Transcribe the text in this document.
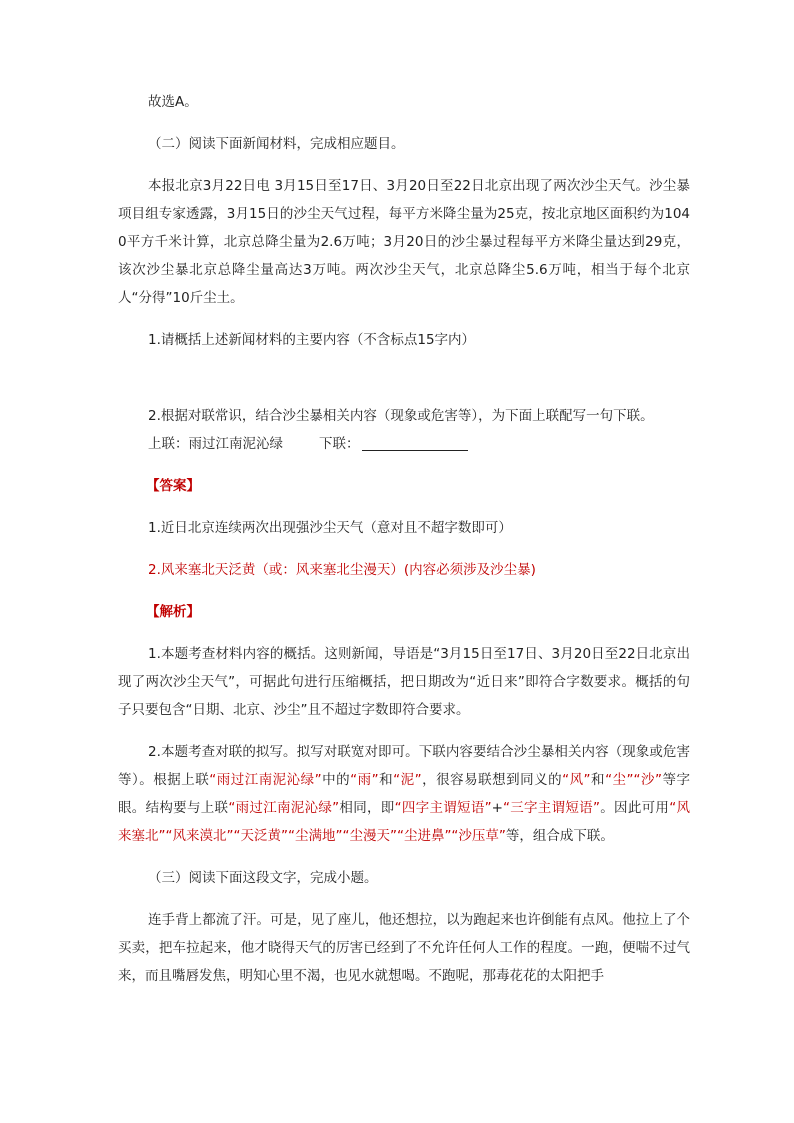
故选A。

（二）阅读下面新闻材料，完成相应题目。

本报北京3月22日电 3月15日至17日、3月20日至22日北京出现了两次沙尘天气。沙尘暴项目组专家透露，3月15日的沙尘天气过程，每平方米降尘量为25克，按北京地区面积约为1040平方千米计算，北京总降尘量为2.6万吨；3月20日的沙尘暴过程每平方米降尘量达到29克，该次沙尘暴北京总降尘量高达3万吨。两次沙尘天气，北京总降尘5.6万吨，相当于每个北京人“分得”10斤尘土。

1.请概括上述新闻材料的主要内容（不含标点15字内）

2.根据对联常识，结合沙尘暴相关内容（现象或危害等），为下面上联配写一句下联。

上联：雨过江南泥沁绿	下联：

【答案】

1.近日北京连续两次出现强沙尘天气（意对且不超字数即可）

2.风来塞北天泛黄（或：风来塞北尘漫天）(内容必须涉及沙尘暴)

【解析】

1.本题考查材料内容的概括。这则新闻，导语是“3月15日至17日、3月20日至22日北京出现了两次沙尘天气”，可据此句进行压缩概括，把日期改为“近日来”即符合字数要求。概括的句子只要包含“日期、北京、沙尘”且不超过字数即符合要求。

2.本题考查对联的拟写。拟写对联宽对即可。下联内容要结合沙尘暴相关内容（现象或危害等）。根据上联“雨过江南泥沁绿”中的“雨”和“泥”，很容易联想到同义的“风”和“尘”“沙”等字眼。结构要与上联“雨过江南泥沁绿”相同，即“四字主谓短语”+“三字主谓短语”。因此可用“风来塞北”“风来漠北”“天泛黄”“尘满地”“尘漫天”“尘进鼻”“沙压草”等，组合成下联。

（三）阅读下面这段文字，完成小题。

连手背上都流了汗。可是，见了座儿，他还想拉，以为跑起来也许倒能有点风。他拉上了个买卖，把车拉起来，他才晓得天气的厉害已经到了不允许任何人工作的程度。一跑，便喘不过气来，而且嘴唇发焦，明知心里不渴，也见水就想喝。不跑呢，那毒花花的太阳把手
